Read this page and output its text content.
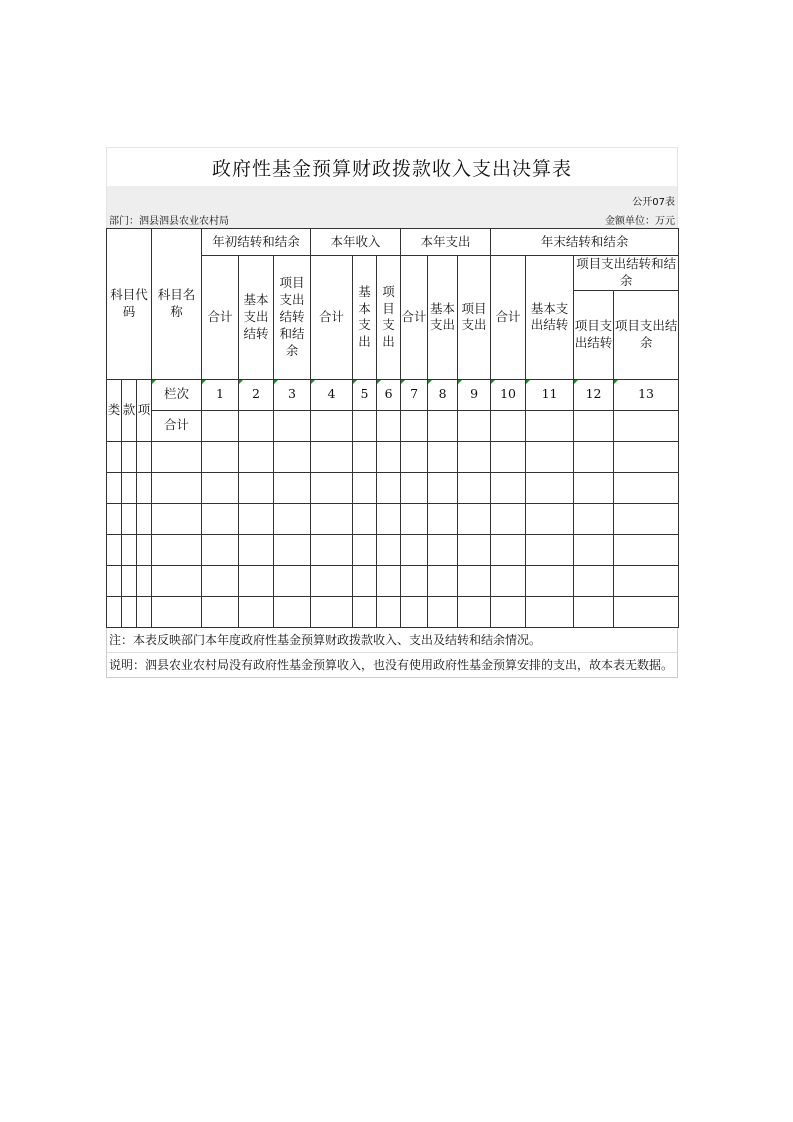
政府性基金预算财政拨款收入支出决算表
公开07表
部门：泗县泗县农业农村局	金额单位：万元
科目代码			科目名称	年初结转和结余			本年收入			本年支出			年末结转和结余			
				合计	基本支出结转	项目支出结转和结余	合计	基本支出	项目支出	合计	基本支出	项目支出	合计	基本支出结转	项目支出结转和结余	
															项目支出结转	项目支出结余
类	款	项	栏次	1	2	3	4	5	6	7	8	9	10	11	12	13
			合计													

注：本表反映部门本年度政府性基金预算财政拨款收入、支出及结转和结余情况。
说明：泗县农业农村局没有政府性基金预算收入，也没有使用政府性基金预算安排的支出，故本表无数据。
